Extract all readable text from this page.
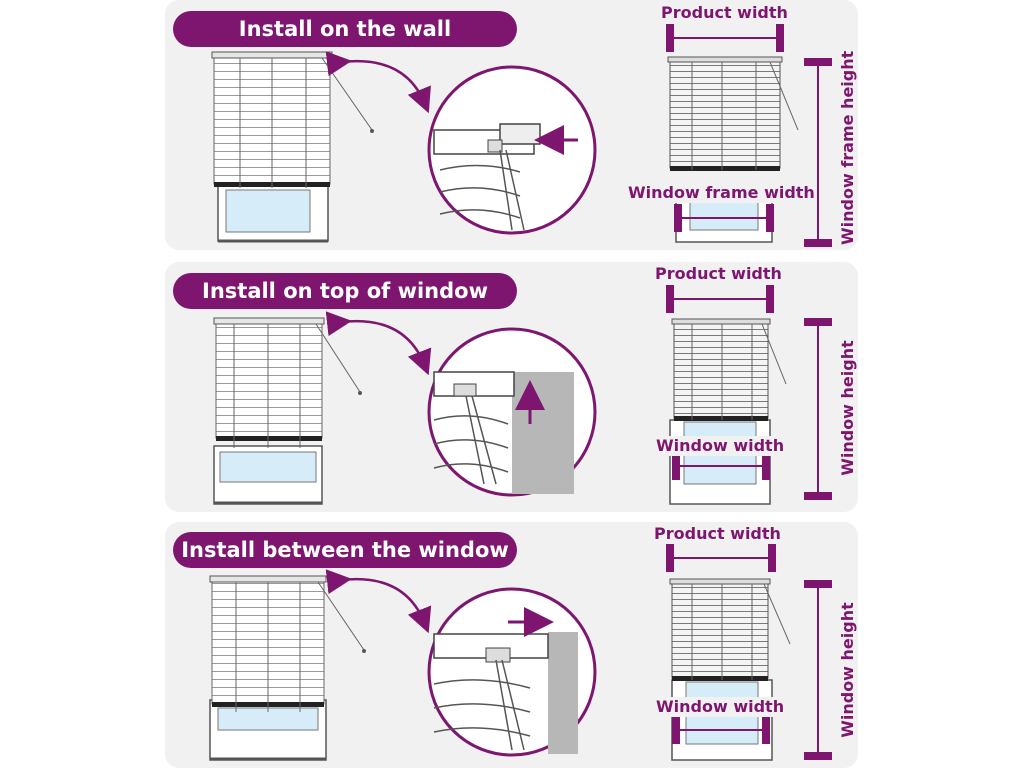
Install on the wall
Install on top of window
Install between the window
Product width
Window frame width Window frame height
Product width
Window width	Window height
Product width
Window width	Window height
